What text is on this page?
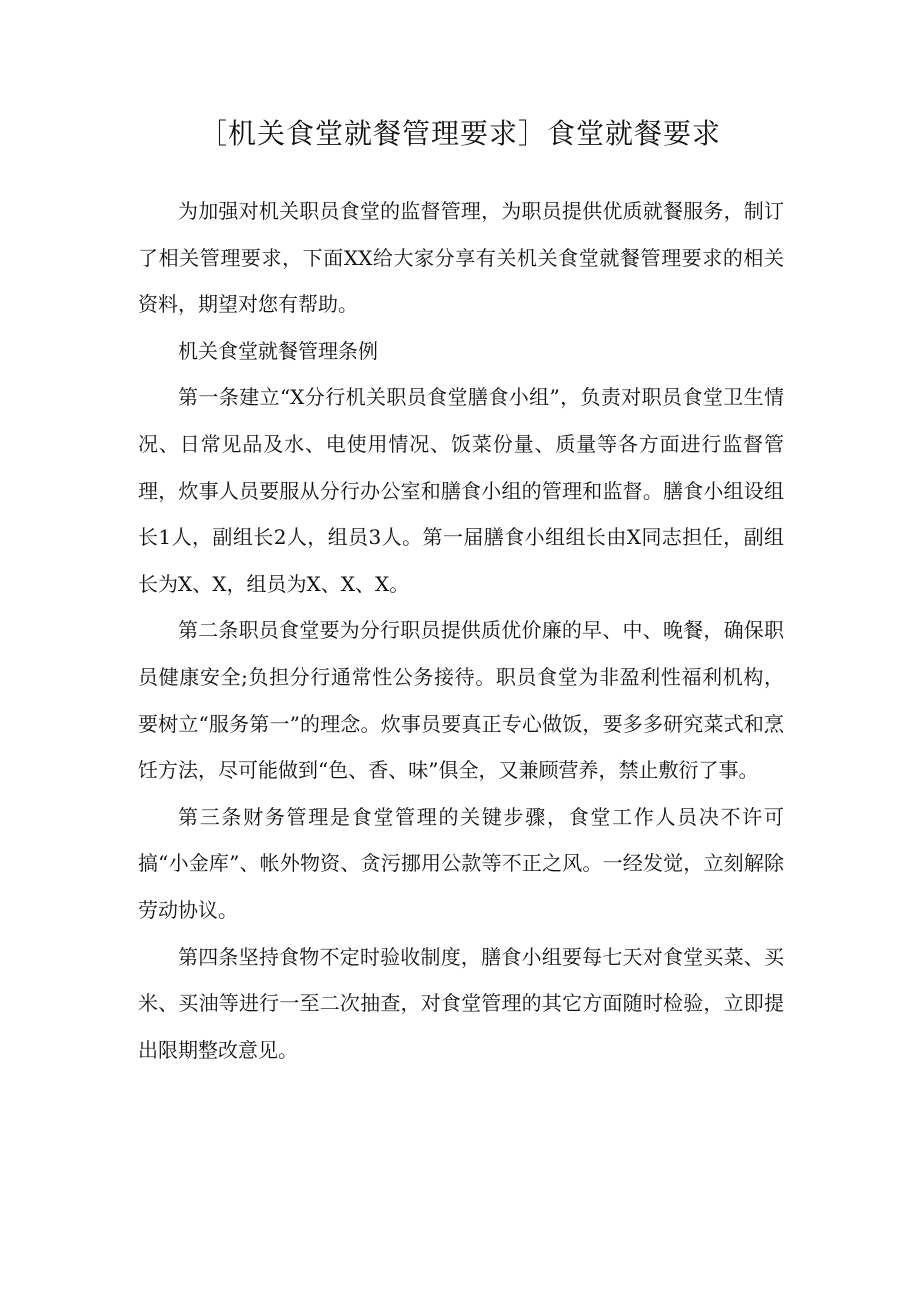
［机关食堂就餐管理要求］食堂就餐要求

为加强对机关职员食堂的监督管理，为职员提供优质就餐服务，制订了相关管理要求，下面XX给大家分享有关机关食堂就餐管理要求的相关资料，期望对您有帮助。

机关食堂就餐管理条例

第一条建立“X分行机关职员食堂膳食小组”，负责对职员食堂卫生情况、日常见品及水、电使用情况、饭菜份量、质量等各方面进行监督管理，炊事人员要服从分行办公室和膳食小组的管理和监督。膳食小组设组长1人，副组长2人，组员3人。第一届膳食小组组长由X同志担任，副组长为X、X，组员为X、X、X。

第二条职员食堂要为分行职员提供质优价廉的早、中、晚餐，确保职员健康安全;负担分行通常性公务接待。职员食堂为非盈利性福利机构，要树立“服务第一”的理念。炊事员要真正专心做饭，要多多研究菜式和烹饪方法，尽可能做到“色、香、味”俱全，又兼顾营养，禁止敷衍了事。

第三条财务管理是食堂管理的关键步骤，食堂工作人员决不许可搞“小金库”、帐外物资、贪污挪用公款等不正之风。一经发觉，立刻解除劳动协议。

第四条坚持食物不定时验收制度，膳食小组要每七天对食堂买菜、买米、买油等进行一至二次抽查，对食堂管理的其它方面随时检验，立即提出限期整改意见。
